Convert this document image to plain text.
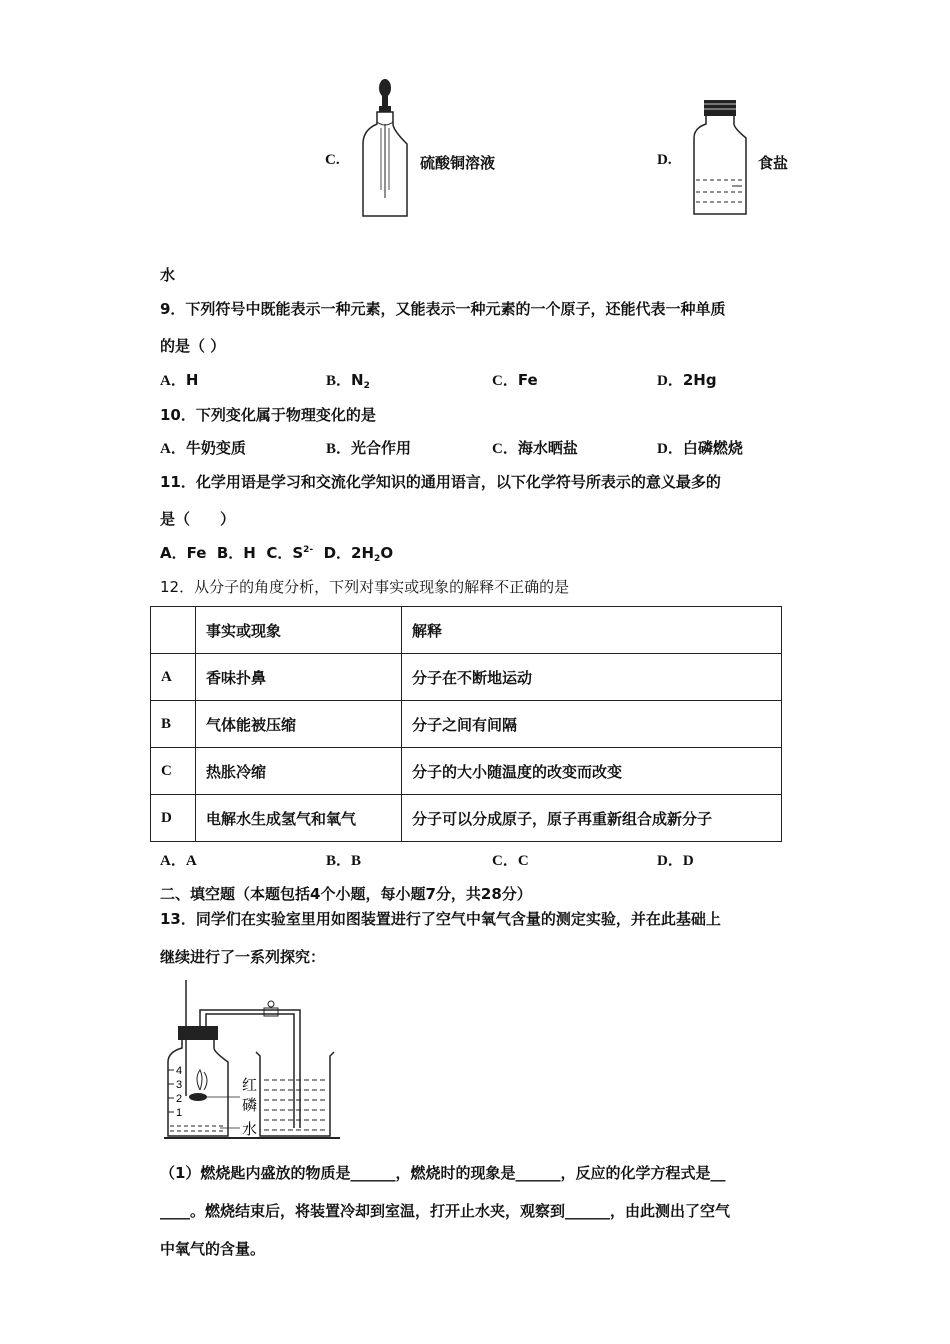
C.	硫酸铜溶液	D.	食盐
水
9．下列符号中既能表示一种元素，又能表示一种元素的一个原子，还能代表一种单质
的是（ ）
A．H	B．$N_2$	C．Fe	D．2Hg
10．下列变化属于物理变化的是
A．牛奶变质	B．光合作用	C．海水晒盐	D．白磷燃烧
11．化学用语是学习和交流化学知识的通用语言，以下化学符号所表示的意义最多的
是（　　）
A．Fe B．H C．$S^{2-}$ D．$2H_2O$
12．从分子的角度分析，下列对事实或现象的解释不正确的是
	事实或现象	解释
A	香味扑鼻	分子在不断地运动
B	气体能被压缩	分子之间有间隔
C	热胀冷缩	分子的大小随温度的改变而改变
D	电解水生成氢气和氧气	分子可以分成原子，原子再重新组合成新分子
A．A	B．B	C．C	D．D
二、填空题（本题包括4个小题，每小题7分，共28分）
13．同学们在实验室里用如图装置进行了空气中氧气含量的测定实验，并在此基础上
继续进行了一系列探究：
4
3
2
1
红
磷
水
（1）燃烧匙内盛放的物质是______，燃烧时的现象是______，反应的化学方程式是__
____。燃烧结束后，将装置冷却到室温，打开止水夹，观察到______，由此测出了空气
中氧气的含量。
